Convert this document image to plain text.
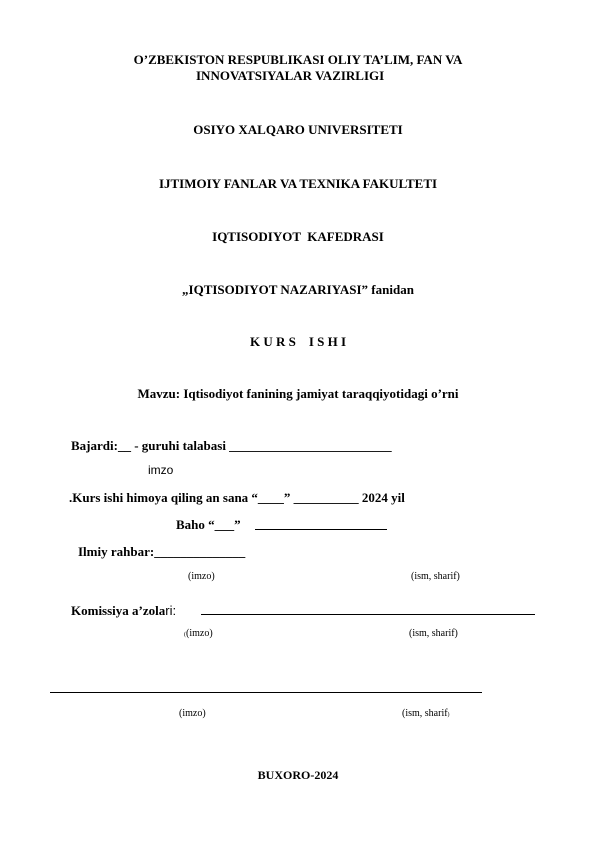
O’ZBEKISTON RESPUBLIKASI OLIY TA’LIM, FAN VA
INNOVATSIYALAR VAZIRLIGI
OSIYO XALQARO UNIVERSITETI
IJTIMOIY FANLAR VA TEXNIKA FAKULTETI
IQTISODIYOT  KAFEDRASI
„IQTISODIYOT NAZARIYASI” fanidan
K U R S    I S H I
Mavzu: Iqtisodiyot fanining jamiyat taraqqiyotidagi o’rni
Bajardi:__ - guruhi talabasi _________________________
imzo
.Kurs ishi himoya qiling an sana “____” __________ 2024 yil
Baho “___”
Ilmiy rahbar:______________
(imzo)	(ism, sharif)
Komissiya a’zolari:
((imzo)	(ism, sharif)
(imzo)	(ism, sharif)
BUXORO-2024
